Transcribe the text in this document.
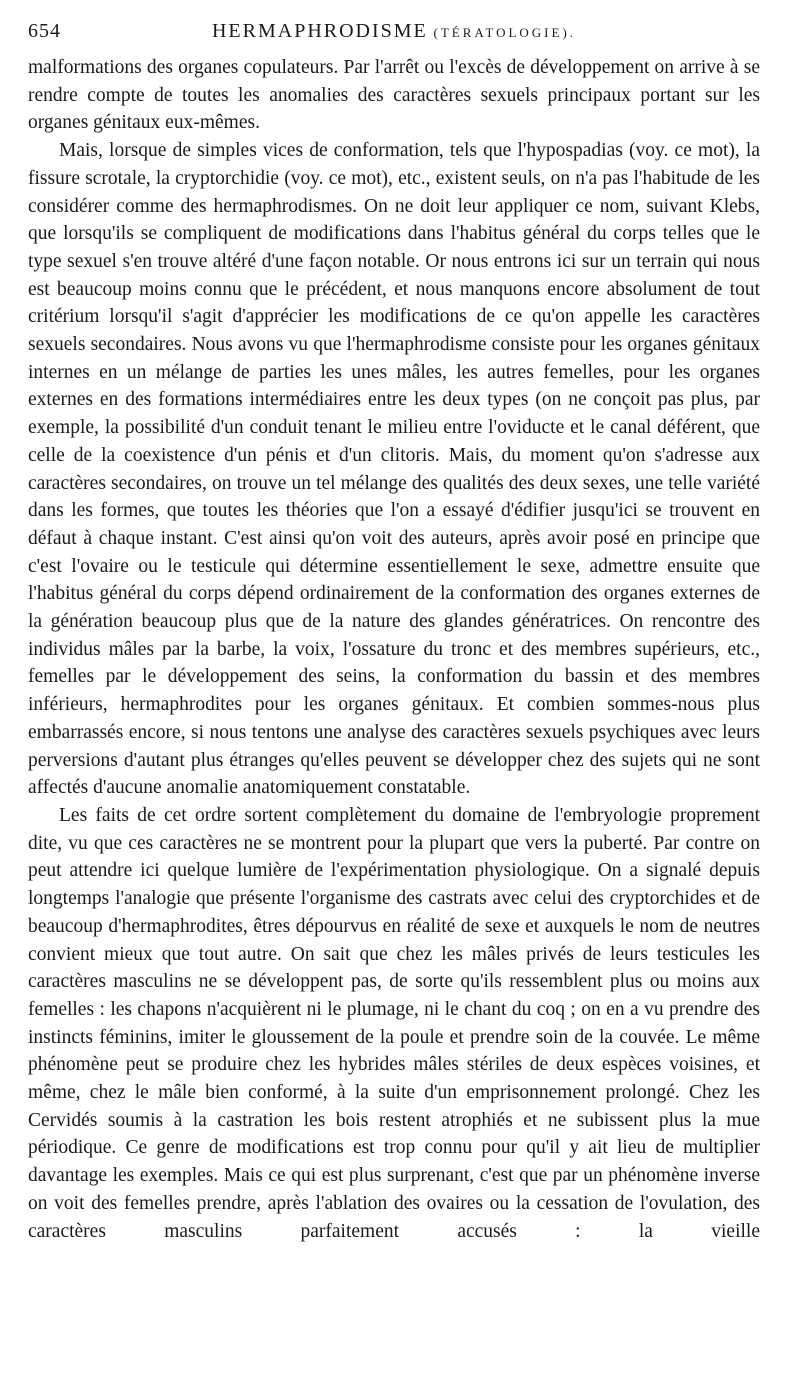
654	HERMAPHRODISME (TÉRATOLOGIE).

malformations des organes copulateurs. Par l'arrêt ou l'excès de développement on arrive à se rendre compte de toutes les anomalies des caractères sexuels principaux portant sur les organes génitaux eux-mêmes.

Mais, lorsque de simples vices de conformation, tels que l'hypospadias (voy. ce mot), la fissure scrotale, la cryptorchidie (voy. ce mot), etc., existent seuls, on n'a pas l'habitude de les considérer comme des hermaphrodismes. On ne doit leur appliquer ce nom, suivant Klebs, que lorsqu'ils se compliquent de modifications dans l'habitus général du corps telles que le type sexuel s'en trouve altéré d'une façon notable. Or nous entrons ici sur un terrain qui nous est beaucoup moins connu que le précédent, et nous manquons encore absolument de tout critérium lorsqu'il s'agit d'apprécier les modifications de ce qu'on appelle les caractères sexuels secondaires. Nous avons vu que l'hermaphrodisme consiste pour les organes génitaux internes en un mélange de parties les unes mâles, les autres femelles, pour les organes externes en des formations intermédiaires entre les deux types (on ne conçoit pas plus, par exemple, la possibilité d'un conduit tenant le milieu entre l'oviducte et le canal déférent, que celle de la coexistence d'un pénis et d'un clitoris. Mais, du moment qu'on s'adresse aux caractères secondaires, on trouve un tel mélange des qualités des deux sexes, une telle variété dans les formes, que toutes les théories que l'on a essayé d'édifier jusqu'ici se trouvent en défaut à chaque instant. C'est ainsi qu'on voit des auteurs, après avoir posé en principe que c'est l'ovaire ou le testicule qui détermine essentiellement le sexe, admettre ensuite que l'habitus général du corps dépend ordinairement de la conformation des organes externes de la génération beaucoup plus que de la nature des glandes génératrices. On rencontre des individus mâles par la barbe, la voix, l'ossature du tronc et des membres supérieurs, etc., femelles par le développement des seins, la conformation du bassin et des membres inférieurs, hermaphrodites pour les organes génitaux. Et combien sommes-nous plus embarrassés encore, si nous tentons une analyse des caractères sexuels psychiques avec leurs perversions d'autant plus étranges qu'elles peuvent se développer chez des sujets qui ne sont affectés d'aucune anomalie anatomiquement constatable.

Les faits de cet ordre sortent complètement du domaine de l'embryologie proprement dite, vu que ces caractères ne se montrent pour la plupart que vers la puberté. Par contre on peut attendre ici quelque lumière de l'expérimentation physiologique. On a signalé depuis longtemps l'analogie que présente l'organisme des castrats avec celui des cryptorchides et de beaucoup d'hermaphrodites, êtres dépourvus en réalité de sexe et auxquels le nom de neutres convient mieux que tout autre. On sait que chez les mâles privés de leurs testicules les caractères masculins ne se développent pas, de sorte qu'ils ressemblent plus ou moins aux femelles : les chapons n'acquièrent ni le plumage, ni le chant du coq ; on en a vu prendre des instincts féminins, imiter le gloussement de la poule et prendre soin de la couvée. Le même phénomène peut se produire chez les hybrides mâles stériles de deux espèces voisines, et même, chez le mâle bien conformé, à la suite d'un emprisonnement prolongé. Chez les Cervidés soumis à la castration les bois restent atrophiés et ne subissent plus la mue périodique. Ce genre de modifications est trop connu pour qu'il y ait lieu de multiplier davantage les exemples. Mais ce qui est plus surprenant, c'est que par un phénomène inverse on voit des femelles prendre, après l'ablation des ovaires ou la cessation de l'ovulation, des caractères masculins parfaitement accusés : la vieille
